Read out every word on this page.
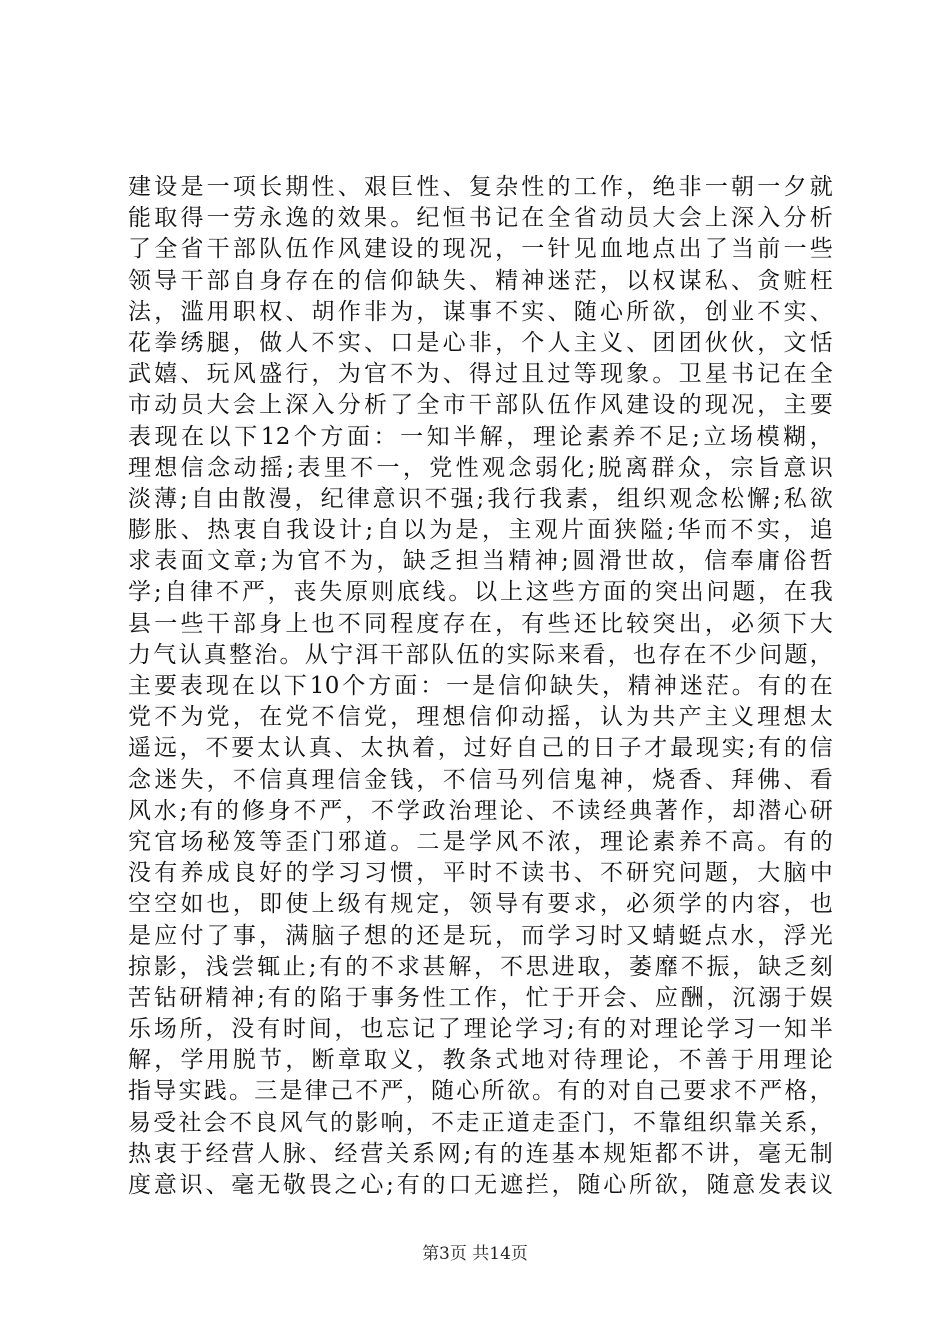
建设是一项长期性、艰巨性、复杂性的工作，绝非一朝一夕就
能取得一劳永逸的效果。纪恒书记在全省动员大会上深入分析
了全省干部队伍作风建设的现况，一针见血地点出了当前一些
领导干部自身存在的信仰缺失、精神迷茫，以权谋私、贪赃枉
法，滥用职权、胡作非为，谋事不实、随心所欲，创业不实、
花拳绣腿，做人不实、口是心非，个人主义、团团伙伙，文恬
武嬉、玩风盛行，为官不为、得过且过等现象。卫星书记在全
市动员大会上深入分析了全市干部队伍作风建设的现况，主要
表现在以下12个方面：一知半解，理论素养不足;立场模糊，
理想信念动摇;表里不一，党性观念弱化;脱离群众，宗旨意识
淡薄;自由散漫，纪律意识不强;我行我素，组织观念松懈;私欲
膨胀、热衷自我设计;自以为是，主观片面狭隘;华而不实，追
求表面文章;为官不为，缺乏担当精神;圆滑世故，信奉庸俗哲
学;自律不严，丧失原则底线。以上这些方面的突出问题，在我
县一些干部身上也不同程度存在，有些还比较突出，必须下大
力气认真整治。从宁洱干部队伍的实际来看，也存在不少问题，
主要表现在以下10个方面：一是信仰缺失，精神迷茫。有的在
党不为党，在党不信党，理想信仰动摇，认为共产主义理想太
遥远，不要太认真、太执着，过好自己的日子才最现实;有的信
念迷失，不信真理信金钱，不信马列信鬼神，烧香、拜佛、看
风水;有的修身不严，不学政治理论、不读经典著作，却潜心研
究官场秘笈等歪门邪道。二是学风不浓，理论素养不高。有的
没有养成良好的学习习惯，平时不读书、不研究问题，大脑中
空空如也，即使上级有规定，领导有要求，必须学的内容，也
是应付了事，满脑子想的还是玩，而学习时又蜻蜓点水，浮光
掠影，浅尝辄止;有的不求甚解，不思进取，萎靡不振，缺乏刻
苦钻研精神;有的陷于事务性工作，忙于开会、应酬，沉溺于娱
乐场所，没有时间，也忘记了理论学习;有的对理论学习一知半
解，学用脱节，断章取义，教条式地对待理论，不善于用理论
指导实践。三是律己不严，随心所欲。有的对自己要求不严格，
易受社会不良风气的影响，不走正道走歪门，不靠组织靠关系，
热衷于经营人脉、经营关系网;有的连基本规矩都不讲，毫无制
度意识、毫无敬畏之心;有的口无遮拦，随心所欲，随意发表议
第3页 共14页
